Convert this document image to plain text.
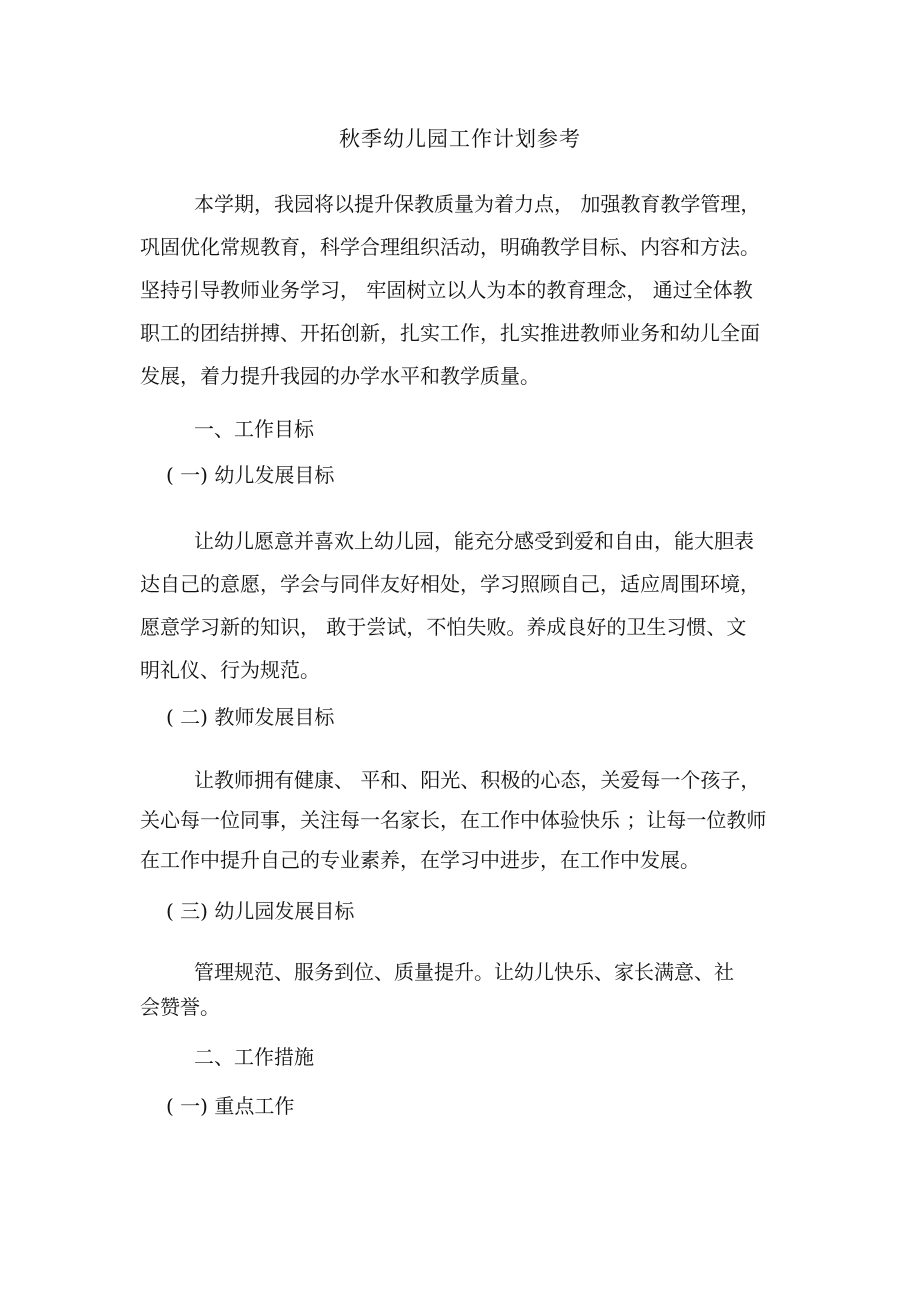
秋季幼儿园工作计划参考
本学期，我园将以提升保教质量为着力点， 加强教育教学管理，
巩固优化常规教育，科学合理组织活动，明确教学目标、内容和方法。
坚持引导教师业务学习， 牢固树立以人为本的教育理念， 通过全体教
职工的团结拼搏、开拓创新，扎实工作，扎实推进教师业务和幼儿全面
发展，着力提升我园的办学水平和教学质量。
一、工作目标
( 一) 幼儿发展目标
让幼儿愿意并喜欢上幼儿园，能充分感受到爱和自由，能大胆表
达自己的意愿，学会与同伴友好相处，学习照顾自己，适应周围环境，
愿意学习新的知识， 敢于尝试，不怕失败。养成良好的卫生习惯、文
明礼仪、行为规范。
( 二) 教师发展目标
让教师拥有健康、 平和、阳光、积极的心态，关爱每一个孩子，
关心每一位同事，关注每一名家长，在工作中体验快乐 ；让每一位教师
在工作中提升自己的专业素养，在学习中进步，在工作中发展。
( 三) 幼儿园发展目标
管理规范、服务到位、质量提升。让幼儿快乐、家长满意、社
会赞誉。
二、工作措施
( 一) 重点工作
